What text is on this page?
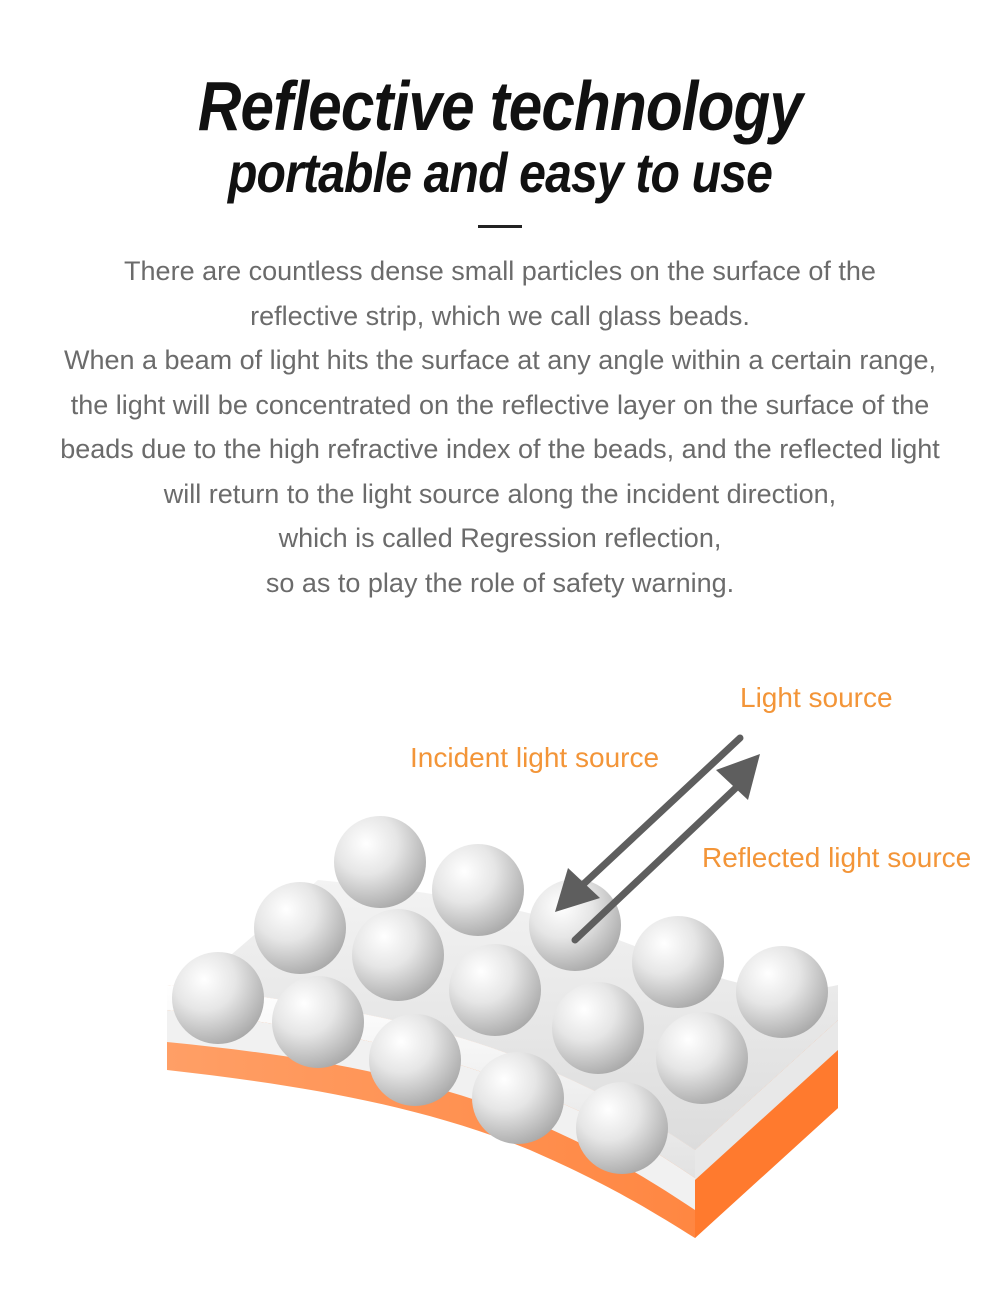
Reflective technology
portable and easy to use
There are countless dense small particles on the surface of the
reflective strip, which we call glass beads.
When a beam of light hits the surface at any angle within a certain range,
the light will be concentrated on the reflective layer on the surface of the
beads due to the high refractive index of the beads, and the reflected light
will return to the light source along the incident direction,
which is called Regression reflection,
so as to play the role of safety warning.

Light source

Incident light source

Reflected light source
